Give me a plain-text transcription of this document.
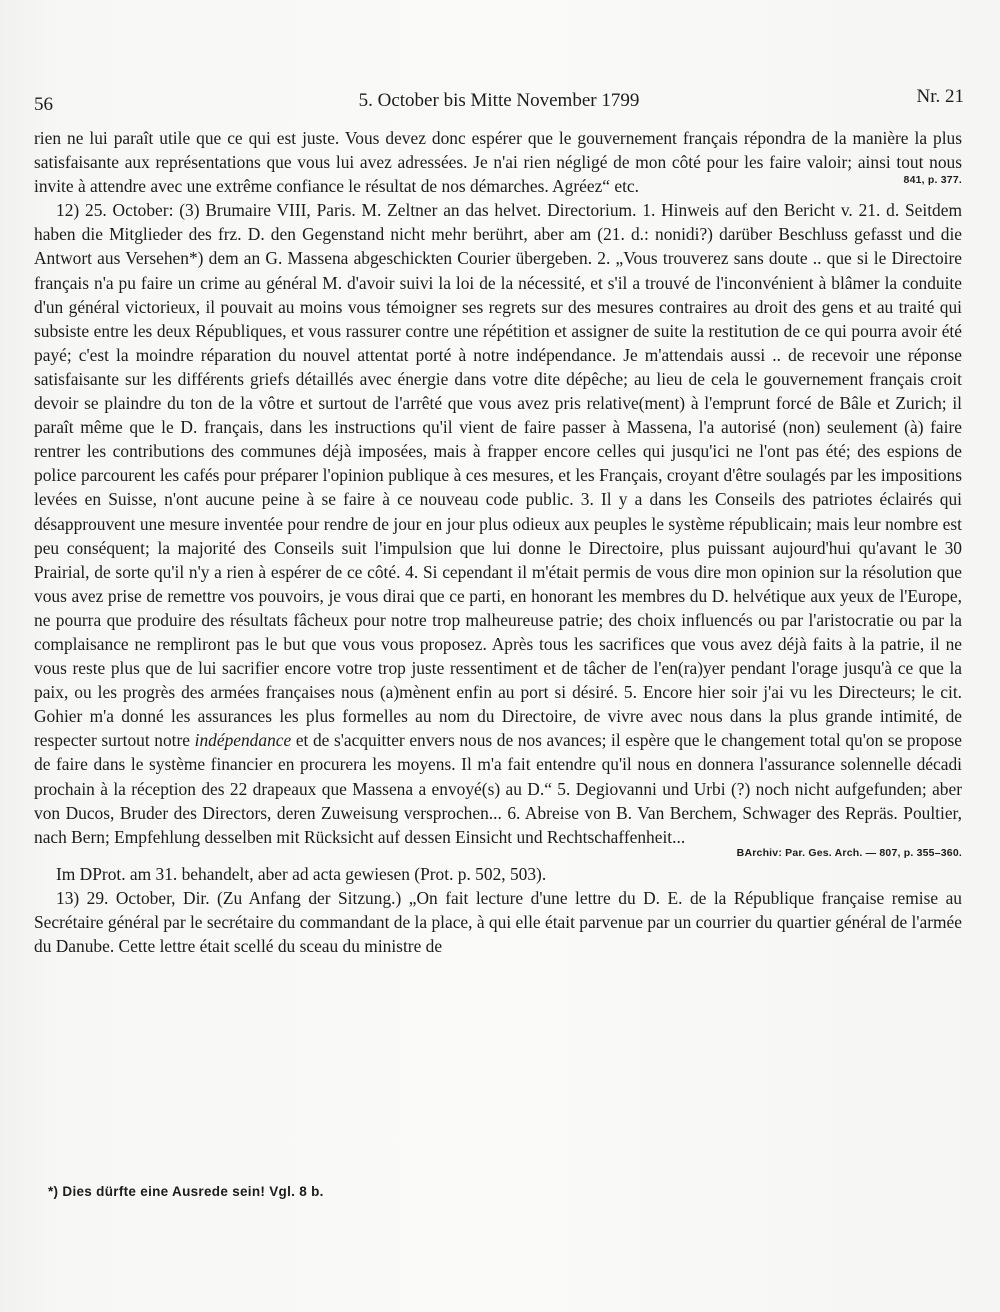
56	5. October bis Mitte November 1799	Nr. 21

rien ne lui paraît utile que ce qui est juste. Vous devez donc espérer que le gouvernement français répondra de la manière la plus satisfaisante aux représentations que vous lui avez adressées. Je n'ai rien négligé de mon côté pour les faire valoir; ainsi tout nous invite à attendre avec une extrême confiance le résultat de nos démarches. Agréez“ etc.	841, p. 377.

12) 25. October: (3) Brumaire VIII, Paris. M. Zeltner an das helvet. Directorium. 1. Hinweis auf den Bericht v. 21. d. Seitdem haben die Mitglieder des frz. D. den Gegenstand nicht mehr berührt, aber am (21. d.: nonidi?) darüber Beschluss gefasst und die Antwort aus Versehen*) dem an G. Massena abgeschickten Courier übergeben. 2. „Vous trouverez sans doute .. que si le Directoire français n'a pu faire un crime au général M. d'avoir suivi la loi de la nécessité, et s'il a trouvé de l'inconvénient à blâmer la conduite d'un général victorieux, il pouvait au moins vous témoigner ses regrets sur des mesures contraires au droit des gens et au traité qui subsiste entre les deux Républiques, et vous rassurer contre une répétition et assigner de suite la restitution de ce qui pourra avoir été payé; c'est la moindre réparation du nouvel attentat porté à notre indépendance. Je m'attendais aussi .. de recevoir une réponse satisfaisante sur les différents griefs détaillés avec énergie dans votre dite dépêche; au lieu de cela le gouvernement français croit devoir se plaindre du ton de la vôtre et surtout de l'arrêté que vous avez pris relative(ment) à l'emprunt forcé de Bâle et Zurich; il paraît même que le D. français, dans les instructions qu'il vient de faire passer à Massena, l'a autorisé (non) seulement (à) faire rentrer les contributions des communes déjà imposées, mais à frapper encore celles qui jusqu'ici ne l'ont pas été; des espions de police parcourent les cafés pour préparer l'opinion publique à ces mesures, et les Français, croyant d'être soulagés par les impositions levées en Suisse, n'ont aucune peine à se faire à ce nouveau code public. 3. Il y a dans les Conseils des patriotes éclairés qui désapprouvent une mesure inventée pour rendre de jour en jour plus odieux aux peuples le système républicain; mais leur nombre est peu conséquent; la majorité des Conseils suit l'impulsion que lui donne le Directoire, plus puissant aujourd'hui qu'avant le 30 Prairial, de sorte qu'il n'y a rien à espérer de ce côté. 4. Si cependant il m'était permis de vous dire mon opinion sur la résolution que vous avez prise de remettre vos pouvoirs, je vous dirai que ce parti, en honorant les membres du D. helvétique aux yeux de l'Europe, ne pourra que produire des résultats fâcheux pour notre trop malheureuse patrie; des choix influencés ou par l'aristocratie ou par la complaisance ne rempliront pas le but que vous vous proposez. Après tous les sacrifices que vous avez déjà faits à la patrie, il ne vous reste plus que de lui sacrifier encore votre trop juste ressentiment et de tâcher de l'en(ra)yer pendant l'orage jusqu'à ce que la paix, ou les progrès des armées françaises nous (a)mènent enfin au port si désiré. 5. Encore hier soir j'ai vu les Directeurs; le cit. Gohier m'a donné les assurances les plus formelles au nom du Directoire, de vivre avec nous dans la plus grande intimité, de respecter surtout notre indépendance et de s'acquitter envers nous de nos avances; il espère que le changement total qu'on se propose de faire dans le système financier en procurera les moyens. Il m'a fait entendre qu'il nous en donnera l'assurance solennelle décadi prochain à la réception des 22 drapeaux que Massena a envoyé(s) au D.“ 5. Degiovanni und Urbi (?) noch nicht aufgefunden; aber von Ducos, Bruder des Directors, deren Zuweisung versprochen... 6. Abreise von B. Van Berchem, Schwager des Repräs. Poultier, nach Bern; Empfehlung desselben mit Rücksicht auf dessen Einsicht und Rechtschaffenheit...

BArchiv: Par. Ges. Arch. — 807, p. 355–360.

Im DProt. am 31. behandelt, aber ad acta gewiesen (Prot. p. 502, 503).

13) 29. October, Dir. (Zu Anfang der Sitzung.) „On fait lecture d'une lettre du D. E. de la République française remise au Secrétaire général par le secrétaire du commandant de la place, à qui elle était parvenue par un courrier du quartier général de l'armée du Danube. Cette lettre était scellé du sceau du ministre de

*) Dies dürfte eine Ausrede sein! Vgl. 8 b.
